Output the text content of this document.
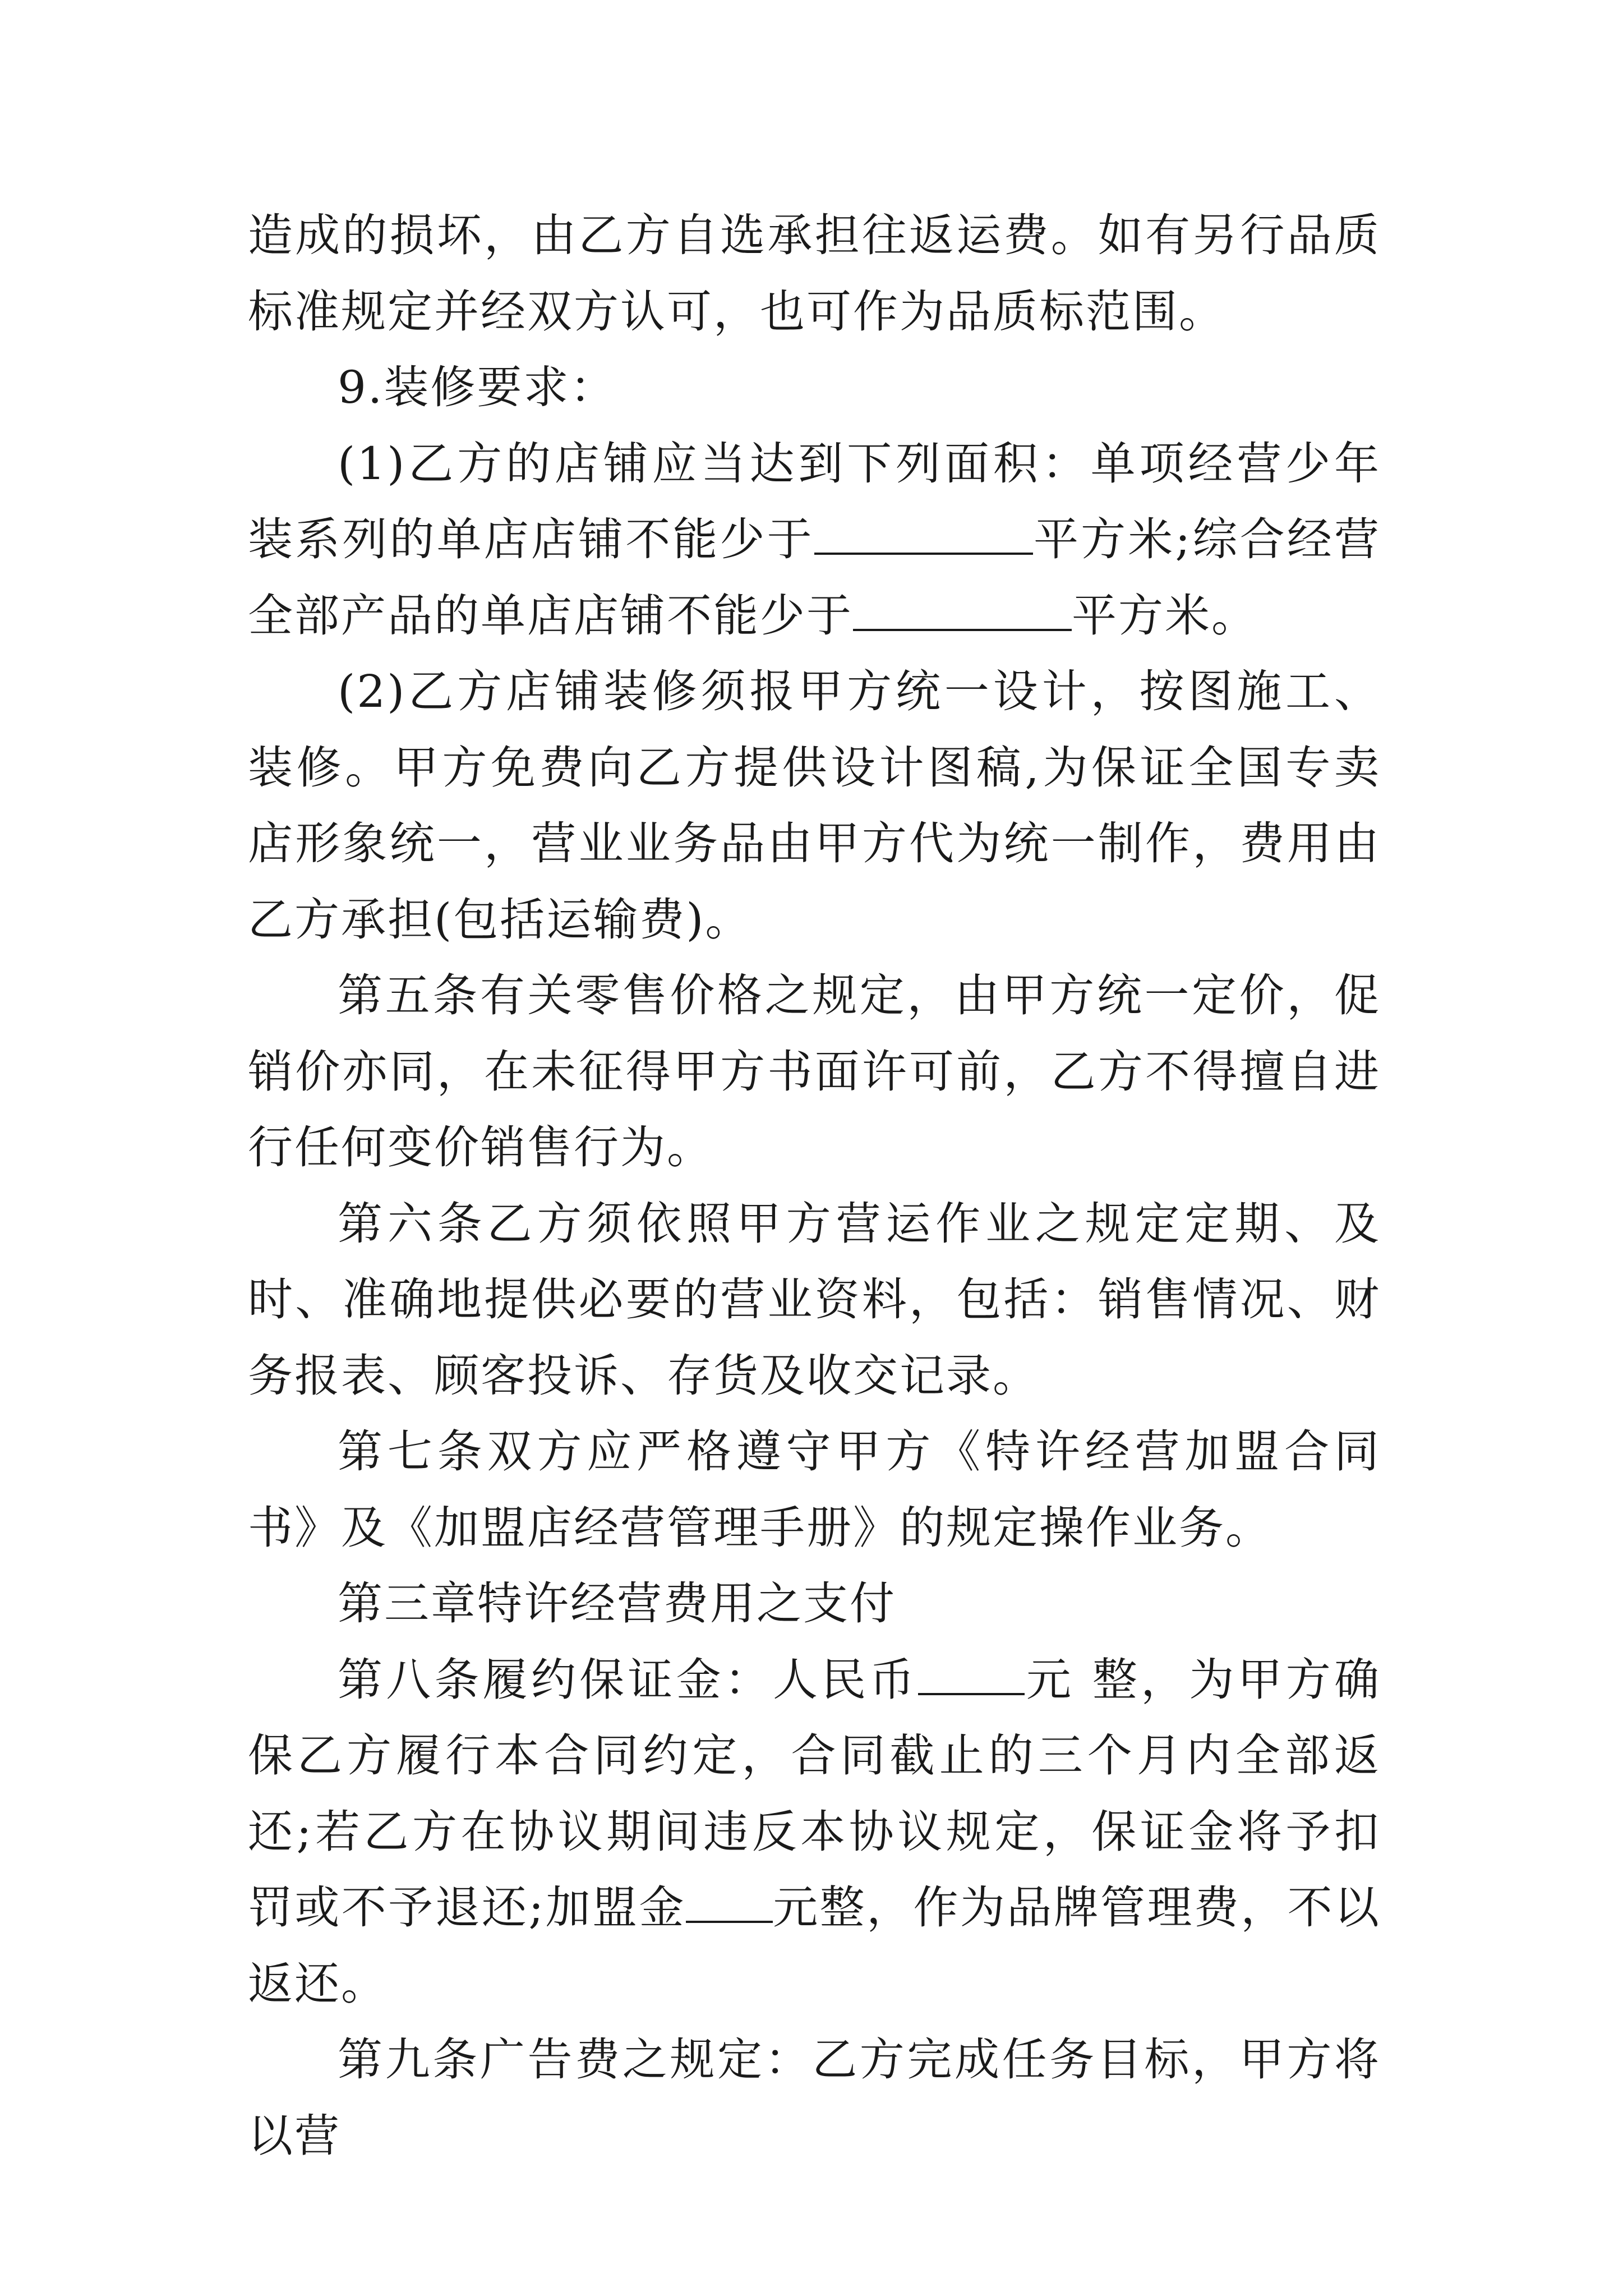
造成的损坏，由乙方自选承担往返运费。如有另行品质标准规定并经双方认可，也可作为品质标范围。

9.装修要求：

(1)乙方的店铺应当达到下列面积：单项经营少年装系列的单店店铺不能少于	平方米;综合经营全部产品的单店店铺不能少于	平方米。

(2)乙方店铺装修须报甲方统一设计，按图施工、装修。甲方免费向乙方提供设计图稿,为保证全国专卖店形象统一，营业业务品由甲方代为统一制作，费用由乙方承担(包括运输费)。

第五条有关零售价格之规定，由甲方统一定价，促销价亦同，在未征得甲方书面许可前，乙方不得擅自进行任何变价销售行为。

第六条乙方须依照甲方营运作业之规定定期、及时、准确地提供必要的营业资料，包括：销售情况、财务报表、顾客投诉、存货及收交记录。

第七条双方应严格遵守甲方《特许经营加盟合同书》及《加盟店经营管理手册》的规定操作业务。

第三章特许经营费用之支付

第八条履约保证金：人民币 元 整，为甲方确保乙方履行本合同约定，合同截止的三个月内全部返还;若乙方在协议期间违反本协议规定，保证金将予扣罚或不予退还;加盟金 元整，作为品牌管理费，不以返还。

第九条广告费之规定：乙方完成任务目标，甲方将以营
